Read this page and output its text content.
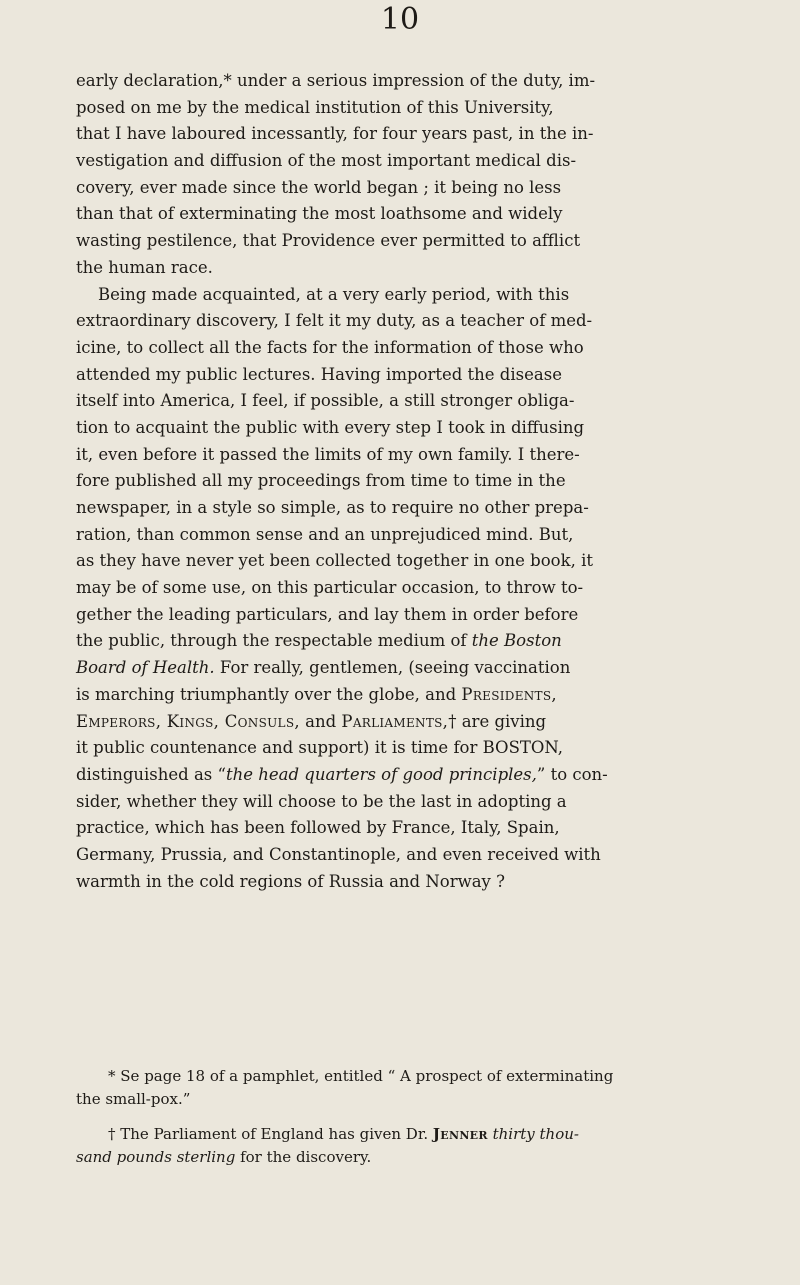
10
early declaration,* under a serious impression of the duty, im-
posed on me by the medical institution of this University,
that I have laboured incessantly, for four years past, in the in-
vestigation and diffusion of the most important medical dis-
covery, ever made since the world began ; it being no less
than that of exterminating the most loathsome and widely
wasting pestilence, that Providence ever permitted to afflict
the human race.
Being made acquainted, at a very early period, with this
extraordinary discovery, I felt it my duty, as a teacher of med-
icine, to collect all the facts for the information of those who
attended my public lectures. Having imported the disease
itself into America, I feel, if possible, a still stronger obliga-
tion to acquaint the public with every step I took in diffusing
it, even before it passed the limits of my own family. I there-
fore published all my proceedings from time to time in the
newspaper, in a style so simple, as to require no other prepa-
ration, than common sense and an unprejudiced mind. But,
as they have never yet been collected together in one book, it
may be of some use, on this particular occasion, to throw to-
gether the leading particulars, and lay them in order before
the public, through the respectable medium of
the Boston
Board of Health. For really, gentlemen, (seeing vaccination
is marching triumphantly over the globe, and
Presidents,
Emperors, Kings, Consuls, and Parliaments, † are giving
it public countenance and support) it is time for BOSTON,
distinguished as “ the head quarters of good principles, ” to con-
sider, whether they will choose to be the last in adopting a
practice, which has been followed by France, Italy, Spain,
Germany, Prussia, and Constantinople, and even received with
warmth in the cold regions of Russia and Norway ?
* Se page 18 of a pamphlet, entitled “ A prospect of exterminating
the small-pox.”
† The Parliament of England has given Dr.
Jenner
thirty thou-
sand pounds sterling for the discovery.
